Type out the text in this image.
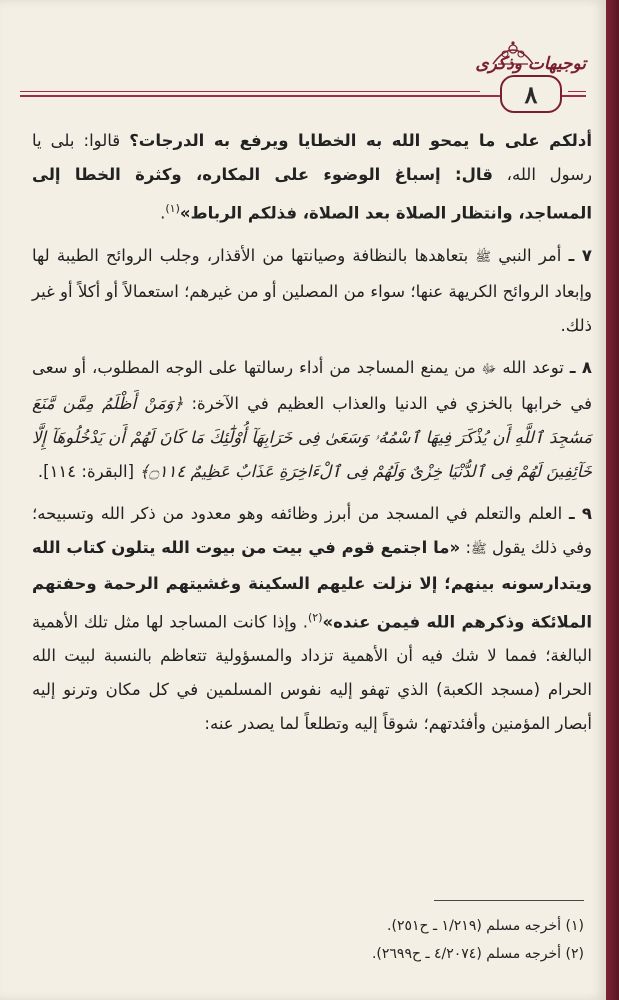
توجيهات وذكرى
٨

أدلكم على ما يمحو الله به الخطايا ويرفع به الدرجات؟ قالوا: بلى يا رسول الله، قال: إسباغ الوضوء على المكاره، وكثرة الخطا إلى المساجد، وانتظار الصلاة بعد الصلاة، فذلكم الرباط»$^{(١)}$.

٧ ـ أمر النبي ﷺ بتعاهدها بالنظافة وصيانتها من الأقذار، وجلب الروائح الطيبة لها وإبعاد الروائح الكريهة عنها؛ سواء من المصلين أو من غيرهم؛ استعمالاً أو أكلاً أو غير ذلك.

٨ ـ توعد الله ﷻ من يمنع المساجد من أداء رسالتها على الوجه المطلوب، أو سعى في خرابها بالخزي في الدنيا والعذاب العظيم في الآخرة: ﴿وَمَنْ أَظْلَمُ مِمَّن مَّنَعَ مَسَٰجِدَ ٱللَّهِ أَن يُذْكَرَ فِيهَا ٱسْمُهُۥ وَسَعَىٰ فِى خَرَابِهَآ أُوْلَٰٓئِكَ مَا كَانَ لَهُمْ أَن يَدْخُلُوهَآ إِلَّا خَآئِفِينَ لَهُمْ فِى ٱلدُّنْيَا خِزْىٌ وَلَهُمْ فِى ٱلْءَاخِرَةِ عَذَابٌ عَظِيمٌ ۝١١٤﴾ [البقرة: ١١٤].

٩ ـ العلم والتعلم في المسجد من أبرز وظائفه وهو معدود من ذكر الله وتسبيحه؛ وفي ذلك يقول ﷺ: «ما اجتمع قوم في بيت من بيوت الله يتلون كتاب الله ويتدارسونه بينهم؛ إلا نزلت عليهم السكينة وغشيتهم الرحمة وحفتهم الملائكة وذكرهم الله فيمن عنده»$^{(٢)}$. وإذا كانت المساجد لها مثل تلك الأهمية البالغة؛ فمما لا شك فيه أن الأهمية تزداد والمسؤولية تتعاظم بالنسبة لبيت الله الحرام (مسجد الكعبة) الذي تهفو إليه نفوس المسلمين في كل مكان وترنو إليه أبصار المؤمنين وأفئدتهم؛ شوقاً إليه وتطلعاً لما يصدر عنه:

(١) أخرجه مسلم (١/٢١٩ ـ ح٢٥١).
(٢) أخرجه مسلم (٤/٢٠٧٤ ـ ح٢٦٩٩).
